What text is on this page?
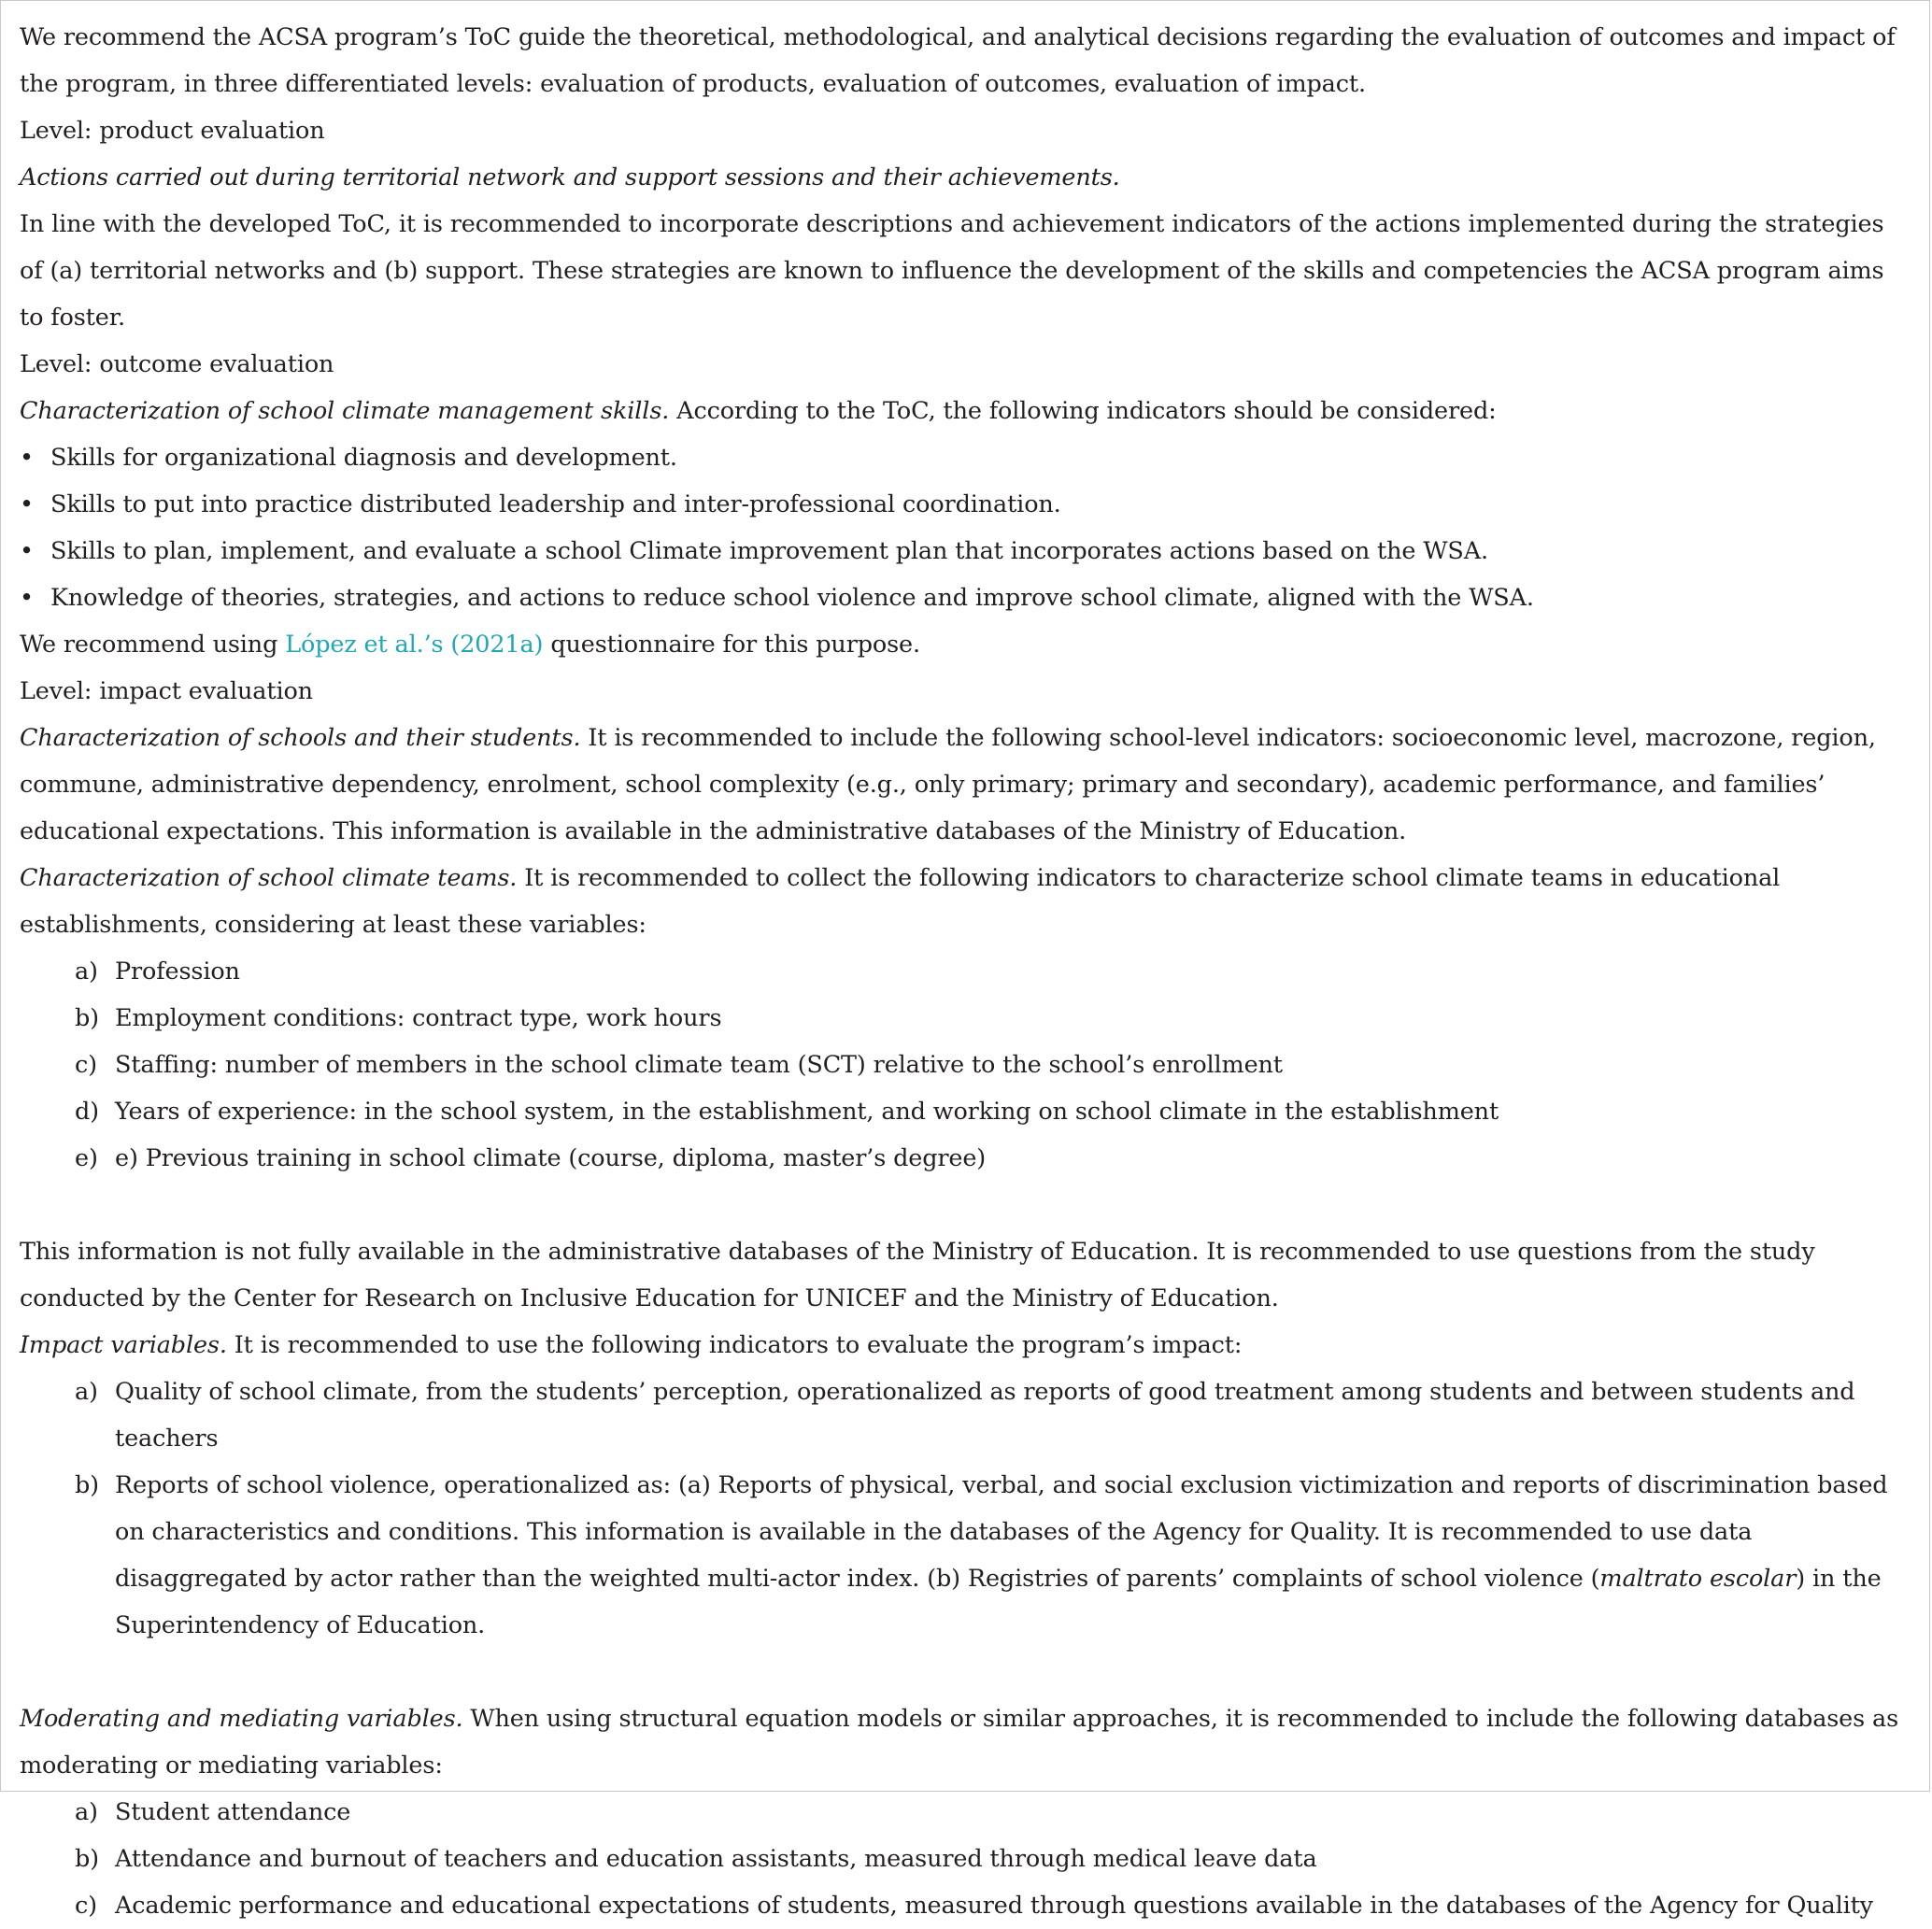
We recommend the ACSA program’s ToC guide the theoretical, methodological, and analytical decisions regarding the evaluation of outcomes and impact of the program, in three differentiated levels: evaluation of products, evaluation of outcomes, evaluation of impact.

Level: product evaluation

Actions carried out during territorial network and support sessions and their achievements.

In line with the developed ToC, it is recommended to incorporate descriptions and achievement indicators of the actions implemented during the strategies of (a) territorial networks and (b) support. These strategies are known to influence the development of the skills and competencies the ACSA program aims to foster.

Level: outcome evaluation

Characterization of school climate management skills. According to the ToC, the following indicators should be considered:

• Skills for organizational diagnosis and development.

• Skills to put into practice distributed leadership and inter-professional coordination.

• Skills to plan, implement, and evaluate a school Climate improvement plan that incorporates actions based on the WSA.

• Knowledge of theories, strategies, and actions to reduce school violence and improve school climate, aligned with the WSA.

We recommend using López et al.’s (2021a) questionnaire for this purpose.

Level: impact evaluation

Characterization of schools and their students. It is recommended to include the following school-level indicators: socioeconomic level, macrozone, region, commune, administrative dependency, enrolment, school complexity (e.g., only primary; primary and secondary), academic performance, and families’ educational expectations. This information is available in the administrative databases of the Ministry of Education.

Characterization of school climate teams. It is recommended to collect the following indicators to characterize school climate teams in educational establishments, considering at least these variables:

a) Profession

b) Employment conditions: contract type, work hours

c) Staffing: number of members in the school climate team (SCT) relative to the school’s enrollment

d) Years of experience: in the school system, in the establishment, and working on school climate in the establishment

e) e) Previous training in school climate (course, diploma, master’s degree)

This information is not fully available in the administrative databases of the Ministry of Education. It is recommended to use questions from the study conducted by the Center for Research on Inclusive Education for UNICEF and the Ministry of Education.

Impact variables. It is recommended to use the following indicators to evaluate the program’s impact:

a) Quality of school climate, from the students’ perception, operationalized as reports of good treatment among students and between students and teachers

b) Reports of school violence, operationalized as: (a) Reports of physical, verbal, and social exclusion victimization and reports of discrimination based on characteristics and conditions. This information is available in the databases of the Agency for Quality. It is recommended to use data disaggregated by actor rather than the weighted multi-actor index. (b) Registries of parents’ complaints of school violence (maltrato escolar) in the Superintendency of Education.

Moderating and mediating variables. When using structural equation models or similar approaches, it is recommended to include the following databases as moderating or mediating variables:

a) Student attendance

b) Attendance and burnout of teachers and education assistants, measured through medical leave data

c) Academic performance and educational expectations of students, measured through questions available in the databases of the Agency for Quality
